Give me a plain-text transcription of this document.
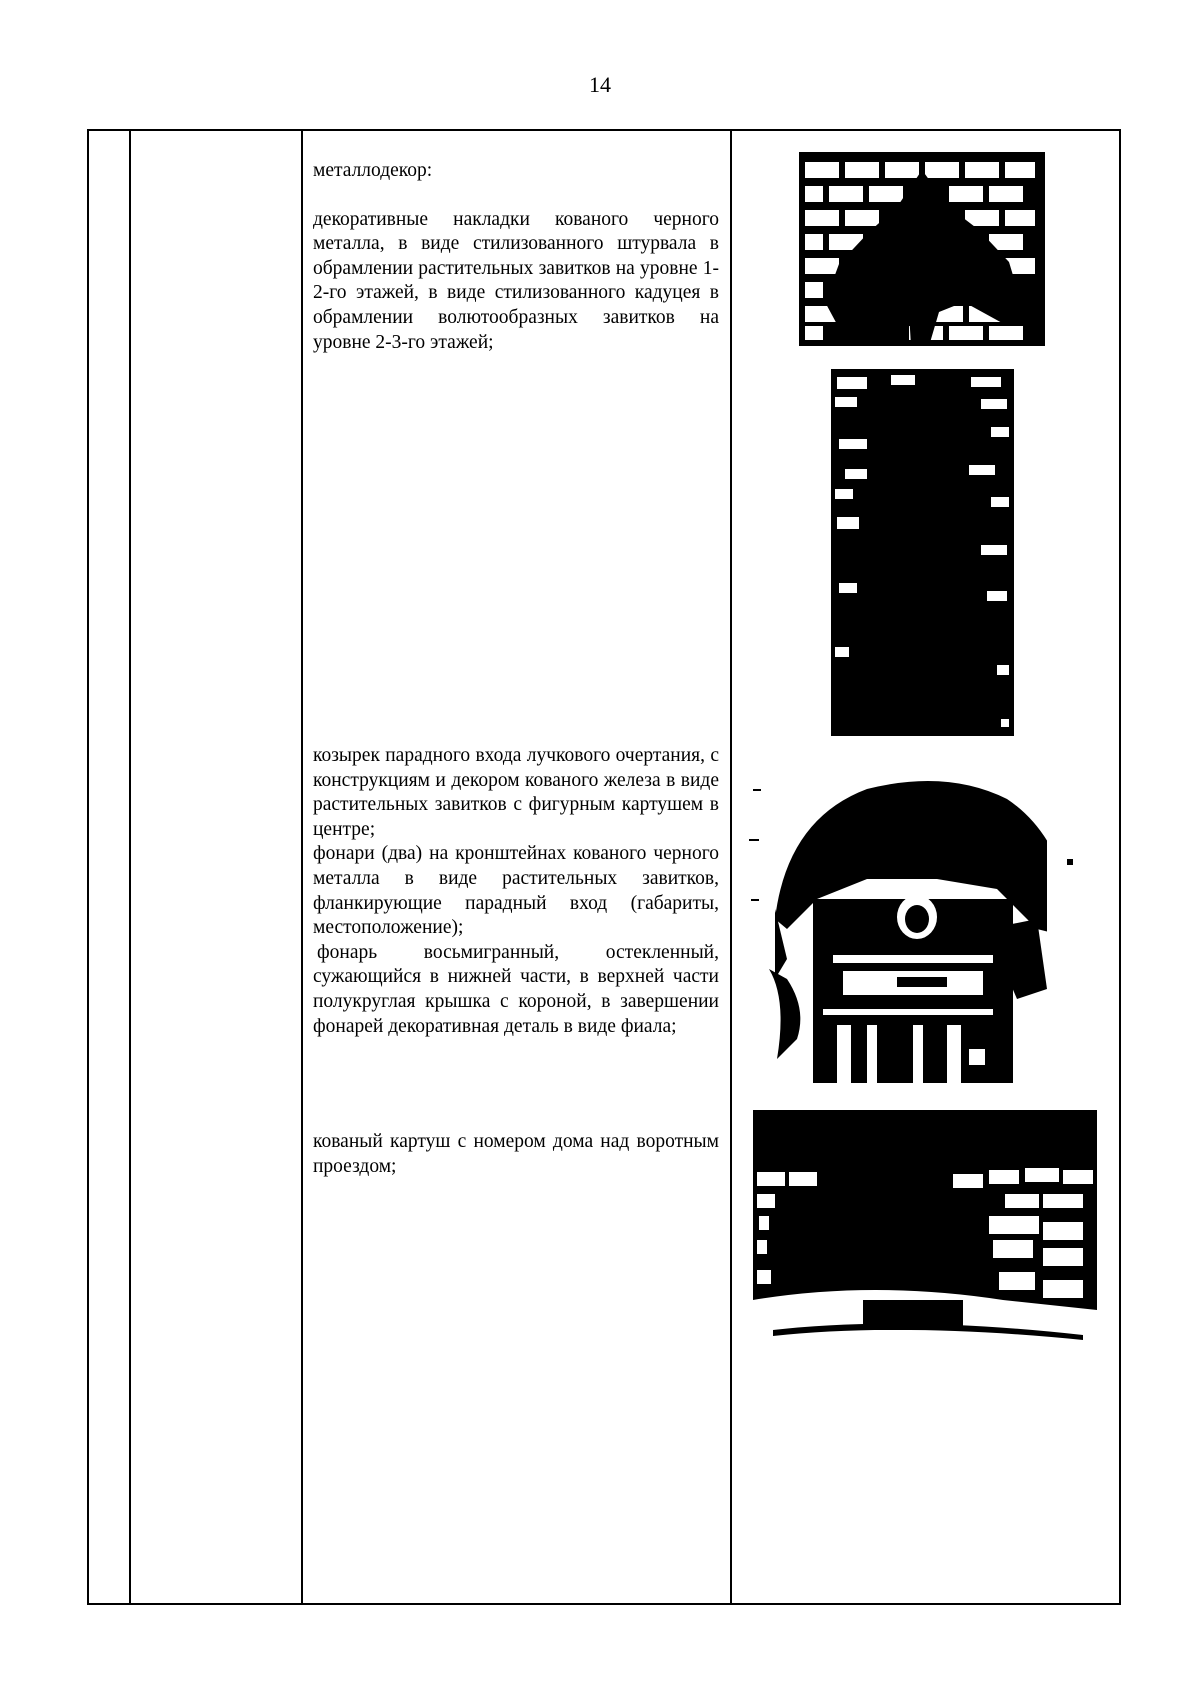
14

металлодекор:

декоративные накладки кованого черного металла, в виде стилизованного штурвала в обрамлении растительных завитков на уровне 1-2-го этажей, в виде стилизованного кадуцея в обрамлении волютообразных завитков на уровне 2-3-го этажей;

козырек парадного входа лучкового очертания, с конструкциям и декором кованого железа в виде растительных завитков с фигурным картушем в центре;

фонари (два) на кронштейнах кованого черного металла в виде растительных завитков, фланкирующие парадный вход (габариты, местоположение);

фонарь восьмигранный, остекленный, сужающийся в нижней части, в верхней части полукруглая крышка с короной, в завершении фонарей декоративная деталь в виде фиала;

кованый картуш с номером дома над воротным проездом;
